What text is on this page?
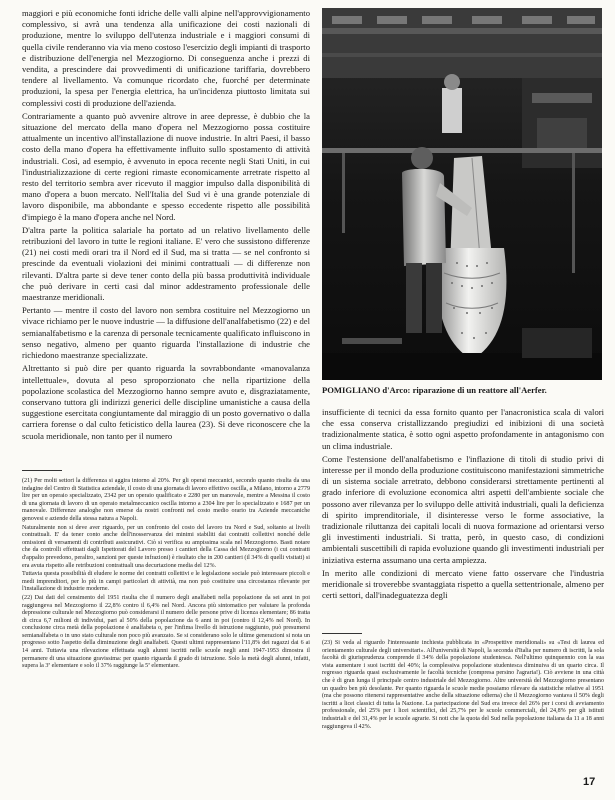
maggiori e più economiche fonti idriche delle valli alpine nell'approvvigionamento complessivo, si avrà una tendenza alla unificazione dei costi nazionali di produzione, mentre lo sviluppo dell'utenza industriale e i maggiori consumi di quella civile renderanno via via meno costoso l'esercizio degli impianti di trasporto e distribuzione dell'energia nel Mezzogiorno. Di conseguenza anche i prezzi di vendita, a prescindere dai provvedimenti di unificazione tariffaria, dovrebbero tendere al livellamento. Va comunque ricordato che, fuorché per determinate produzioni, la spesa per l'energia elettrica, ha un'incidenza piuttosto limitata sui complessivi costi di produzione dell'azienda.

Contrariamente a quanto può avvenire altrove in aree depresse, è dubbio che la situazione del mercato della mano d'opera nel Mezzogiorno possa costituire attualmente un incentivo all'installazione di nuove industrie. In altri Paesi, il basso costo della mano d'opera ha effettivamente influito sullo spostamento di attività industriali. Così, ad esempio, è avvenuto in epoca recente negli Stati Uniti, in cui l'industrializzazione di certe regioni rimaste economicamente arretrate rispetto al resto del territorio sembra aver ricevuto il maggior impulso dalla disponibilità di mano d'opera a buon mercato. Nell'Italia del Sud vi è una grande potenziale di lavoro disponibile, ma abbondante e spesso eccedente rispetto alle possibilità d'impiego è la mano d'opera anche nel Nord.

D'altra parte la politica salariale ha portato ad un relativo livellamento delle retribuzioni del lavoro in tutte le regioni italiane. E' vero che sussistono differenze (21) nei costi medi orari tra il Nord ed il Sud, ma si tratta — se nel confronto si prescinde da eventuali violazioni dei minimi contrattuali — di differenze non rilevanti. D'altra parte si deve tener conto della più bassa produttività individuale che può derivare in certi casi dal minor addestramento professionale delle maestranze meridionali.

Pertanto — mentre il costo del lavoro non sembra costituire nel Mezzogiorno un vivace richiamo per le nuove industrie — la diffusione dell'analfabetismo (22) e del semianalfabetismo e la carenza di personale tecnicamente qualificato influiscono in senso negativo, almeno per quanto riguarda l'installazione di industrie che richiedono maestranze specializzate.

Altrettanto si può dire per quanto riguarda la sovrabbondante «manovalanza intellettuale», dovuta al peso sproporzionato che nella ripartizione della popolazione scolastica del Mezzogiorno hanno sempre avuto e, disgraziatamente, conservano tuttora gli indirizzi generici delle discipline umanistiche a causa della suggestione esercitata congiuntamente dal miraggio di un posto governativo o dalla carriera forense o dal culto feticistico della laurea (23). Si deve riconoscere che la scuola meridionale, non tanto per il numero

(21) Per molti settori la differenza si aggira intorno al 20%. Per gli operai meccanici, secondo quanto risulta da una indagine del Centro di Statistica aziendale, il costo di una giornata di lavoro effettivo oscilla, a Milano, intorno a 2779 lire per un operaio specializzato, 2342 per un operaio qualificato e 2280 per un manovale, mentre a Messina il costo di una giornata di lavoro di un operaio metalmeccanico oscilla intorno a 2304 lire per lo specializzato e 1687 per un manovale. Differenze analoghe non emerse da nostri confronti nel costo medio orario tra Aziende meccaniche genovesi e aziende della stessa natura a Napoli.

Naturalmente non si deve aver riguardo, per un confronto del costo del lavoro tra Nord e Sud, soltanto ai livelli contrattuali. E' da tener conto anche dell'inosservanza dei minimi stabiliti dai contratti collettivi nonché delle omissioni di versamenti di contributi assicurativi. Ciò si verifica su ampissima scala nel Mezzogiorno. Basti notare che da controlli effettuati dagli Ispettorati del Lavoro presso i cantieri della Cassa del Mezzogiorno (i cui contratti d'appalto prevedono, peraltro, sanzioni per queste infrazioni) è risultato che in 200 cantieri (il 34% di quelli visitati) si era avuta rispetto alle retribuzioni contrattuali una decurtazione media del 12%.

Tuttavia questa possibilità di eludere le norme dei contratti collettivi e le legislazione sociale può interessare piccoli e medi imprenditori, per lo più in campi particolari di attività, ma non può costituire una circostanza rilevante per l'installazione di industrie moderne.

(22) Dai dati del censimento del 1951 risulta che il numero degli analfabeti nella popolazione da sei anni in poi raggiungeva nel Mezzogiorno il 22,8% contro il 6,4% nel Nord. Ancora più sintomatico per valutare la profonda depressione culturale nel Mezzogiorno può considerarsi il numero delle persone prive di licenza elementare; 86 tratta di circa 6,7 milioni di individui, pari al 50% della popolazione da 6 anni in poi (contro il 12,4% nel Nord). In conclusione circa metà della popolazione è analfabeta o, per l'infima livello di istruzione raggiunto, può presumersi semianalfabeta o in uno stato culturale non poco più avanzato. Se si considerano solo le ultime generazioni si nota un progresso sotto l'aspetto della diminuzione degli analfabeti. Questi ultimi rappresentano l'11,8% dei ragazzi dai 6 ai 14 anni. Tuttavia una rilevazione effettuata sugli alunni iscritti nelle scuole negli anni 1947-1953 dimostra il permanere di una situazione gravissima: per quanto riguarda il grado di istruzione. Solo la metà degli alunni, infatti, supera la 3ª elementare e solo il 37% raggiunge la 5ª elementare.

POMIGLIANO d'Arco: riparazione di un reattore all'Aerfer.

insufficiente di tecnici da essa fornito quanto per l'anacronistica scala di valori che essa conserva cristallizzando pregiudizi ed inibizioni di una società tradizionalmente statica, è sotto ogni aspetto profondamente in antagonismo con un clima industriale.

Come l'estensione dell'analfabetismo e l'inflazione di titoli di studio privi di interesse per il mondo della produzione costituiscono manifestazioni simmetriche di un sistema sociale arretrato, debbono considerarsi strettamente pertinenti al grado inferiore di evoluzione economica altri aspetti dell'ambiente sociale che possono aver rilevanza per lo sviluppo delle attività industriali, quali la deficienza di spirito imprenditoriale, il disinteresse verso le forme associative, la tradizionale riluttanza dei capitali locali di nuova formazione ad orientarsi verso gli investimenti industriali. Si tratta, però, in questo caso, di condizioni ambientali suscettibili di rapida evoluzione quando gli investimenti industriali per iniziativa esterna assumano una certa ampiezza.

In merito alle condizioni di mercato viene fatto osservare che l'industria meridionale si troverebbe svantaggiata rispetto a quella settentrionale, almeno per certi settori, dall'inadeguatezza degli

(23) Si veda al riguardo l'interessante inchiesta pubblicata in «Prospettive meridionali» su «Tesi di laurea ed orientamento culturale degli universitari». All'università di Napoli, la seconda d'Italia per numero di iscritti, la sola facoltà di giurisprudenza comprende il 34% della popolazione studentesca. Nell'ultimo quinquennio con la sua vista aumentare i suoi iscritti del 40%; la complessiva popolazione studentesca diminuiva di un quarto circa. Il regresso riguarda quasi esclusivamente le facoltà tecniche (compresa persino l'agraria!). Ciò avviene in una città che è di gran lunga il principale centro industriale del Mezzogiorno. Altre università del Mezzogiorno presentano un quadro ben più desolante. Per quanto riguarda le scuole medie possiamo rilevare da statistiche relative al 1951 (ma che possono ritenersi rappresentative anche della situazione odierna) che il Mezzogiorno vantava il 50% degli iscritti a licei classici di tutta la Nazione. La partecipazione del Sud era invece del 26% per i corsi di avviamento professionale, del 25% per i licei scientifici, del 25,7% per le scuole commerciali, del 24,8% per gli istituti industriali e del 31,4% per le scuole agrarie. Si noti che la quota del Sud nella popolazione italiana da 11 a 18 anni raggiungeva il 42%.

17
